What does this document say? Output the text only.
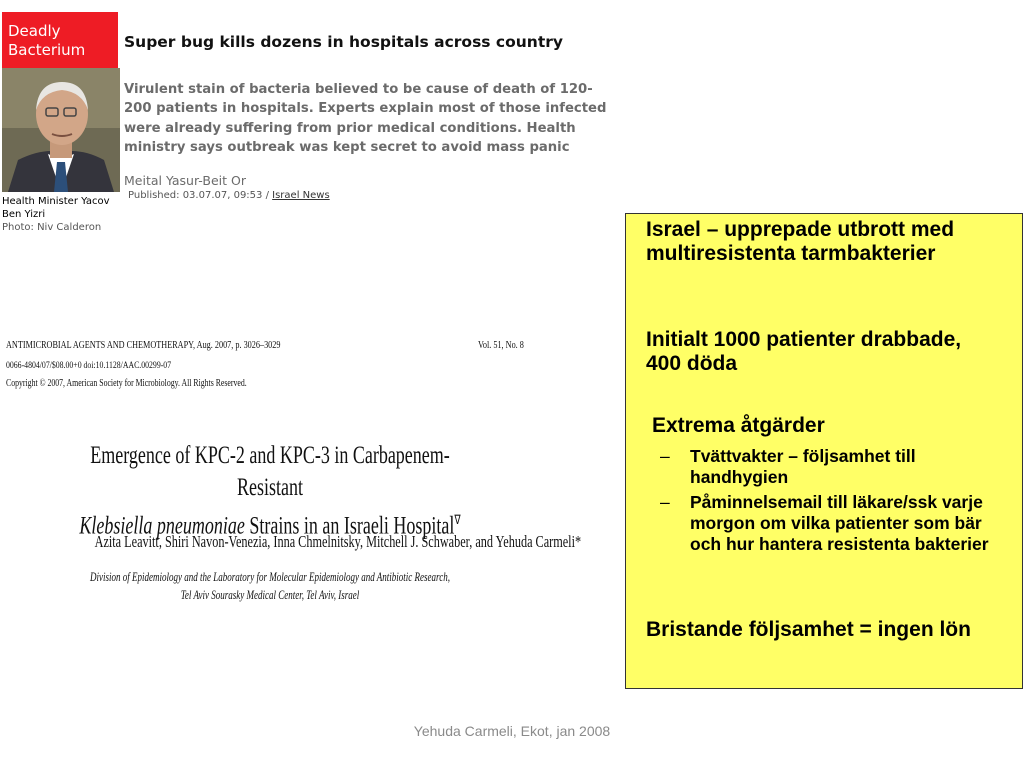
Deadly
Bacterium
Health Minister Yacov Ben Yizri
Photo: Niv Calderon
Super bug kills dozens in hospitals across country
Virulent stain of bacteria believed to be cause of death of 120-200 patients in hospitals. Experts explain most of those infected were already suffering from prior medical conditions. Health ministry says outbreak was kept secret to avoid mass panic
Meital Yasur-Beit Or
Published: 03.07.07, 09:53 / Israel News
ANTIMICROBIAL AGENTS AND CHEMOTHERAPY, Aug. 2007, p. 3026–3029	Vol. 51, No. 8
0066-4804/07/$08.00+0 doi:10.1128/AAC.00299-07
Copyright © 2007, American Society for Microbiology. All Rights Reserved.
Emergence of KPC-2 and KPC-3 in Carbapenem-Resistant
Klebsiella pneumoniae Strains in an Israeli Hospital∇
Azita Leavitt, Shiri Navon-Venezia, Inna Chmelnitsky, Mitchell J. Schwaber, and Yehuda Carmeli*
Division of Epidemiology and the Laboratory for Molecular Epidemiology and Antibiotic Research,
Tel Aviv Sourasky Medical Center, Tel Aviv, Israel

Israel – upprepade utbrott med multiresistenta tarmbakterier

Initialt 1000 patienter drabbade, 400 döda

Extrema åtgärder

– Tvättvakter – följsamhet till handhygien
– Påminnelsemail till läkare/ssk varje morgon om vilka patienter som bär och hur hantera resistenta bakterier

Bristande följsamhet = ingen lön

Yehuda Carmeli, Ekot, jan 2008
